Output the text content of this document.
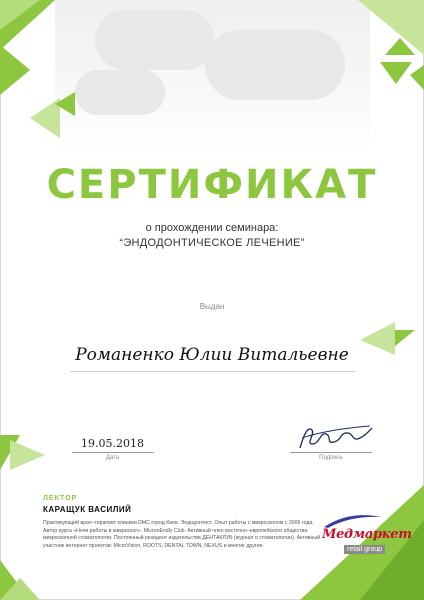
СЕРТИФИКАТ
о прохождении семинара:
“ЭНДОДОНТИЧЕСКОЕ ЛЕЧЕНИЕ”
Выдан
Романенко Юлии Витальевне
19.05.2018
Дата	Подпись
ЛЕКТОР
КАРАЩУК ВАСИЛИЙ
Практикующий врач–терапевт клиники DMC город Киев. Эндодонтист. Опыт работы с микроскопом с 2006 года. Автор курса «Ночи работы в микроскоп». MicronEndly Club. Активный член восточно–европейского общества микроскопной стоматологии. Постоянный резидент издательства ДЕНТАКЛУБ (журнал о стоматологии). Активный участник интернет проектов: MicroVision, ROOTS, DENTAL TOWN, NEXUS и многие другие.
Медмаркет
retail group
